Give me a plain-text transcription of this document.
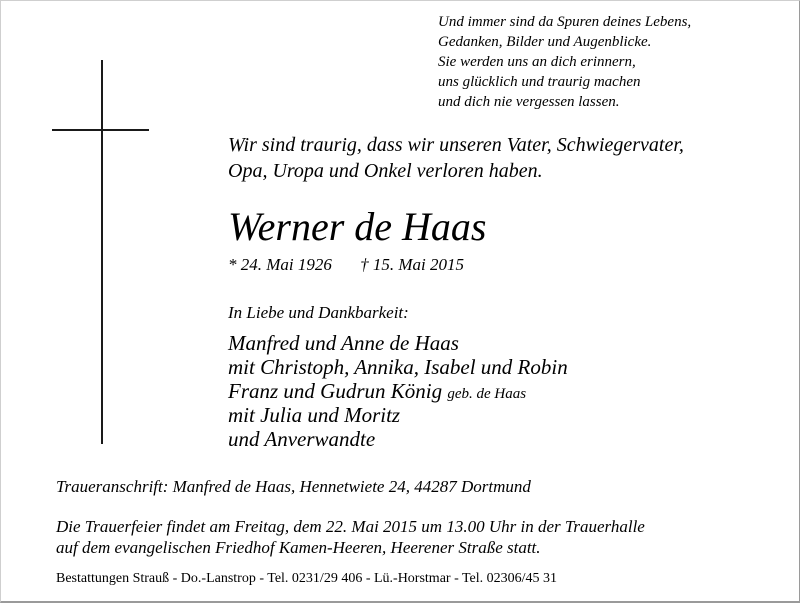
Und immer sind da Spuren deines Lebens,
Gedanken, Bilder und Augenblicke.
Sie werden uns an dich erinnern,
uns glücklich und traurig machen
und dich nie vergessen lassen.
Wir sind traurig, dass wir unseren Vater, Schwiegervater,
Opa, Uropa und Onkel verloren haben.
Werner de Haas
* 24. Mai 1926 † 15. Mai 2015
In Liebe und Dankbarkeit:
Manfred und Anne de Haas
mit Christoph, Annika, Isabel und Robin
Franz und Gudrun König geb. de Haas
mit Julia und Moritz
und Anverwandte
Traueranschrift: Manfred de Haas, Hennetwiete 24, 44287 Dortmund
Die Trauerfeier findet am Freitag, dem 22. Mai 2015 um 13.00 Uhr in der Trauerhalle
auf dem evangelischen Friedhof Kamen-Heeren, Heerener Straße statt.
Bestattungen Strauß - Do.-Lanstrop - Tel. 0231/29 406 - Lü.-Horstmar - Tel. 02306/45 31
